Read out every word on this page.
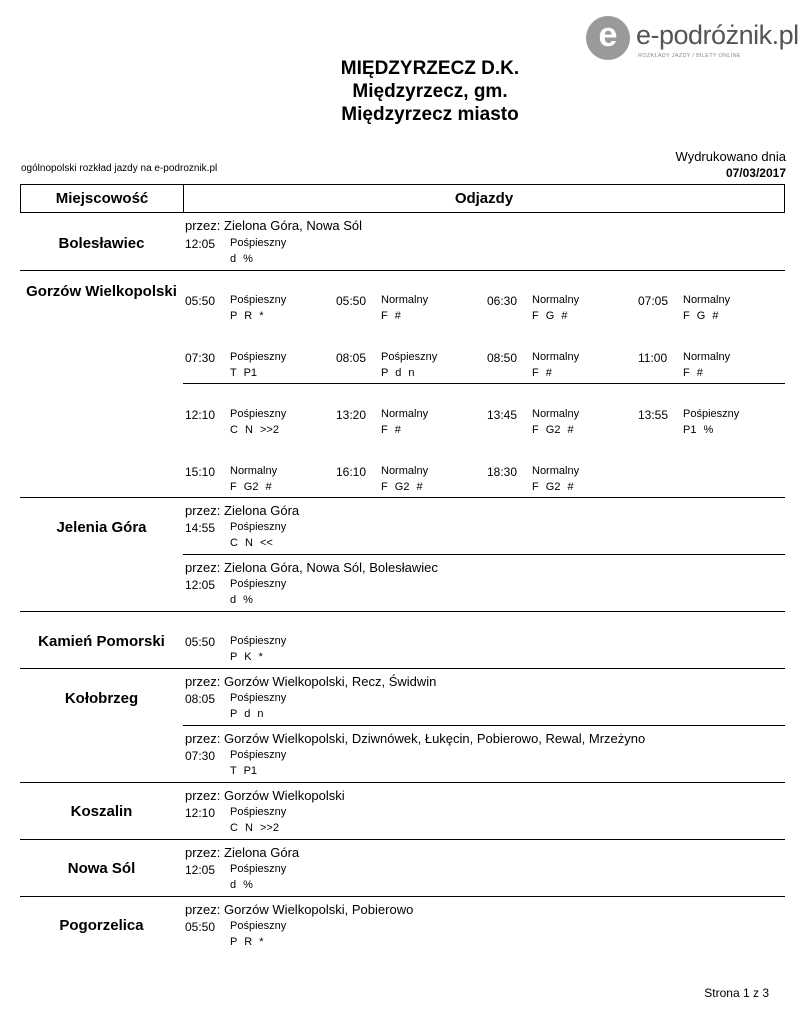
e e-podróżnik.pl
ROZKŁADY JAZDY / BILETY ONLINE
MIĘDZYRZECZ D.K.
Międzyrzecz, gm.
Międzyrzecz miasto
ogólnopolski rozkład jazdy na e-podroznik.pl
Wydrukowano dnia
07/03/2017
Miejscowość	Odjazdy
Bolesławiec
przez: Zielona Góra, Nowa Sól
12:05 Pośpieszny
d %
Gorzów Wielkopolski
05:50 Pośpieszny
P R *
05:50 Normalny
F #
06:30 Normalny
F G #
07:05 Normalny
F G #
07:30 Pośpieszny
T P1
08:05 Pośpieszny
P d n
08:50 Normalny
F #
11:00 Normalny
F #
12:10 Pośpieszny
C N >>2
13:20 Normalny
F #
13:45 Normalny
F G2 #
13:55 Pośpieszny
P1 %
15:10 Normalny
F G2 #
16:10 Normalny
F G2 #
18:30 Normalny
F G2 #
Jelenia Góra
przez: Zielona Góra
14:55 Pośpieszny
C N <<
przez: Zielona Góra, Nowa Sól, Bolesławiec
12:05 Pośpieszny
d %
Kamień Pomorski	05:50 Pośpieszny
P K *
Kołobrzeg
przez: Gorzów Wielkopolski, Recz, Świdwin
08:05 Pośpieszny
P d n
przez: Gorzów Wielkopolski, Dziwnówek, Łukęcin, Pobierowo, Rewal, Mrzeżyno
07:30 Pośpieszny
T P1
Koszalin
przez: Gorzów Wielkopolski
12:10 Pośpieszny
C N >>2
Nowa Sól
przez: Zielona Góra
12:05 Pośpieszny
d %
Pogorzelica
przez: Gorzów Wielkopolski, Pobierowo
05:50 Pośpieszny
P R *
Strona 1 z 3
